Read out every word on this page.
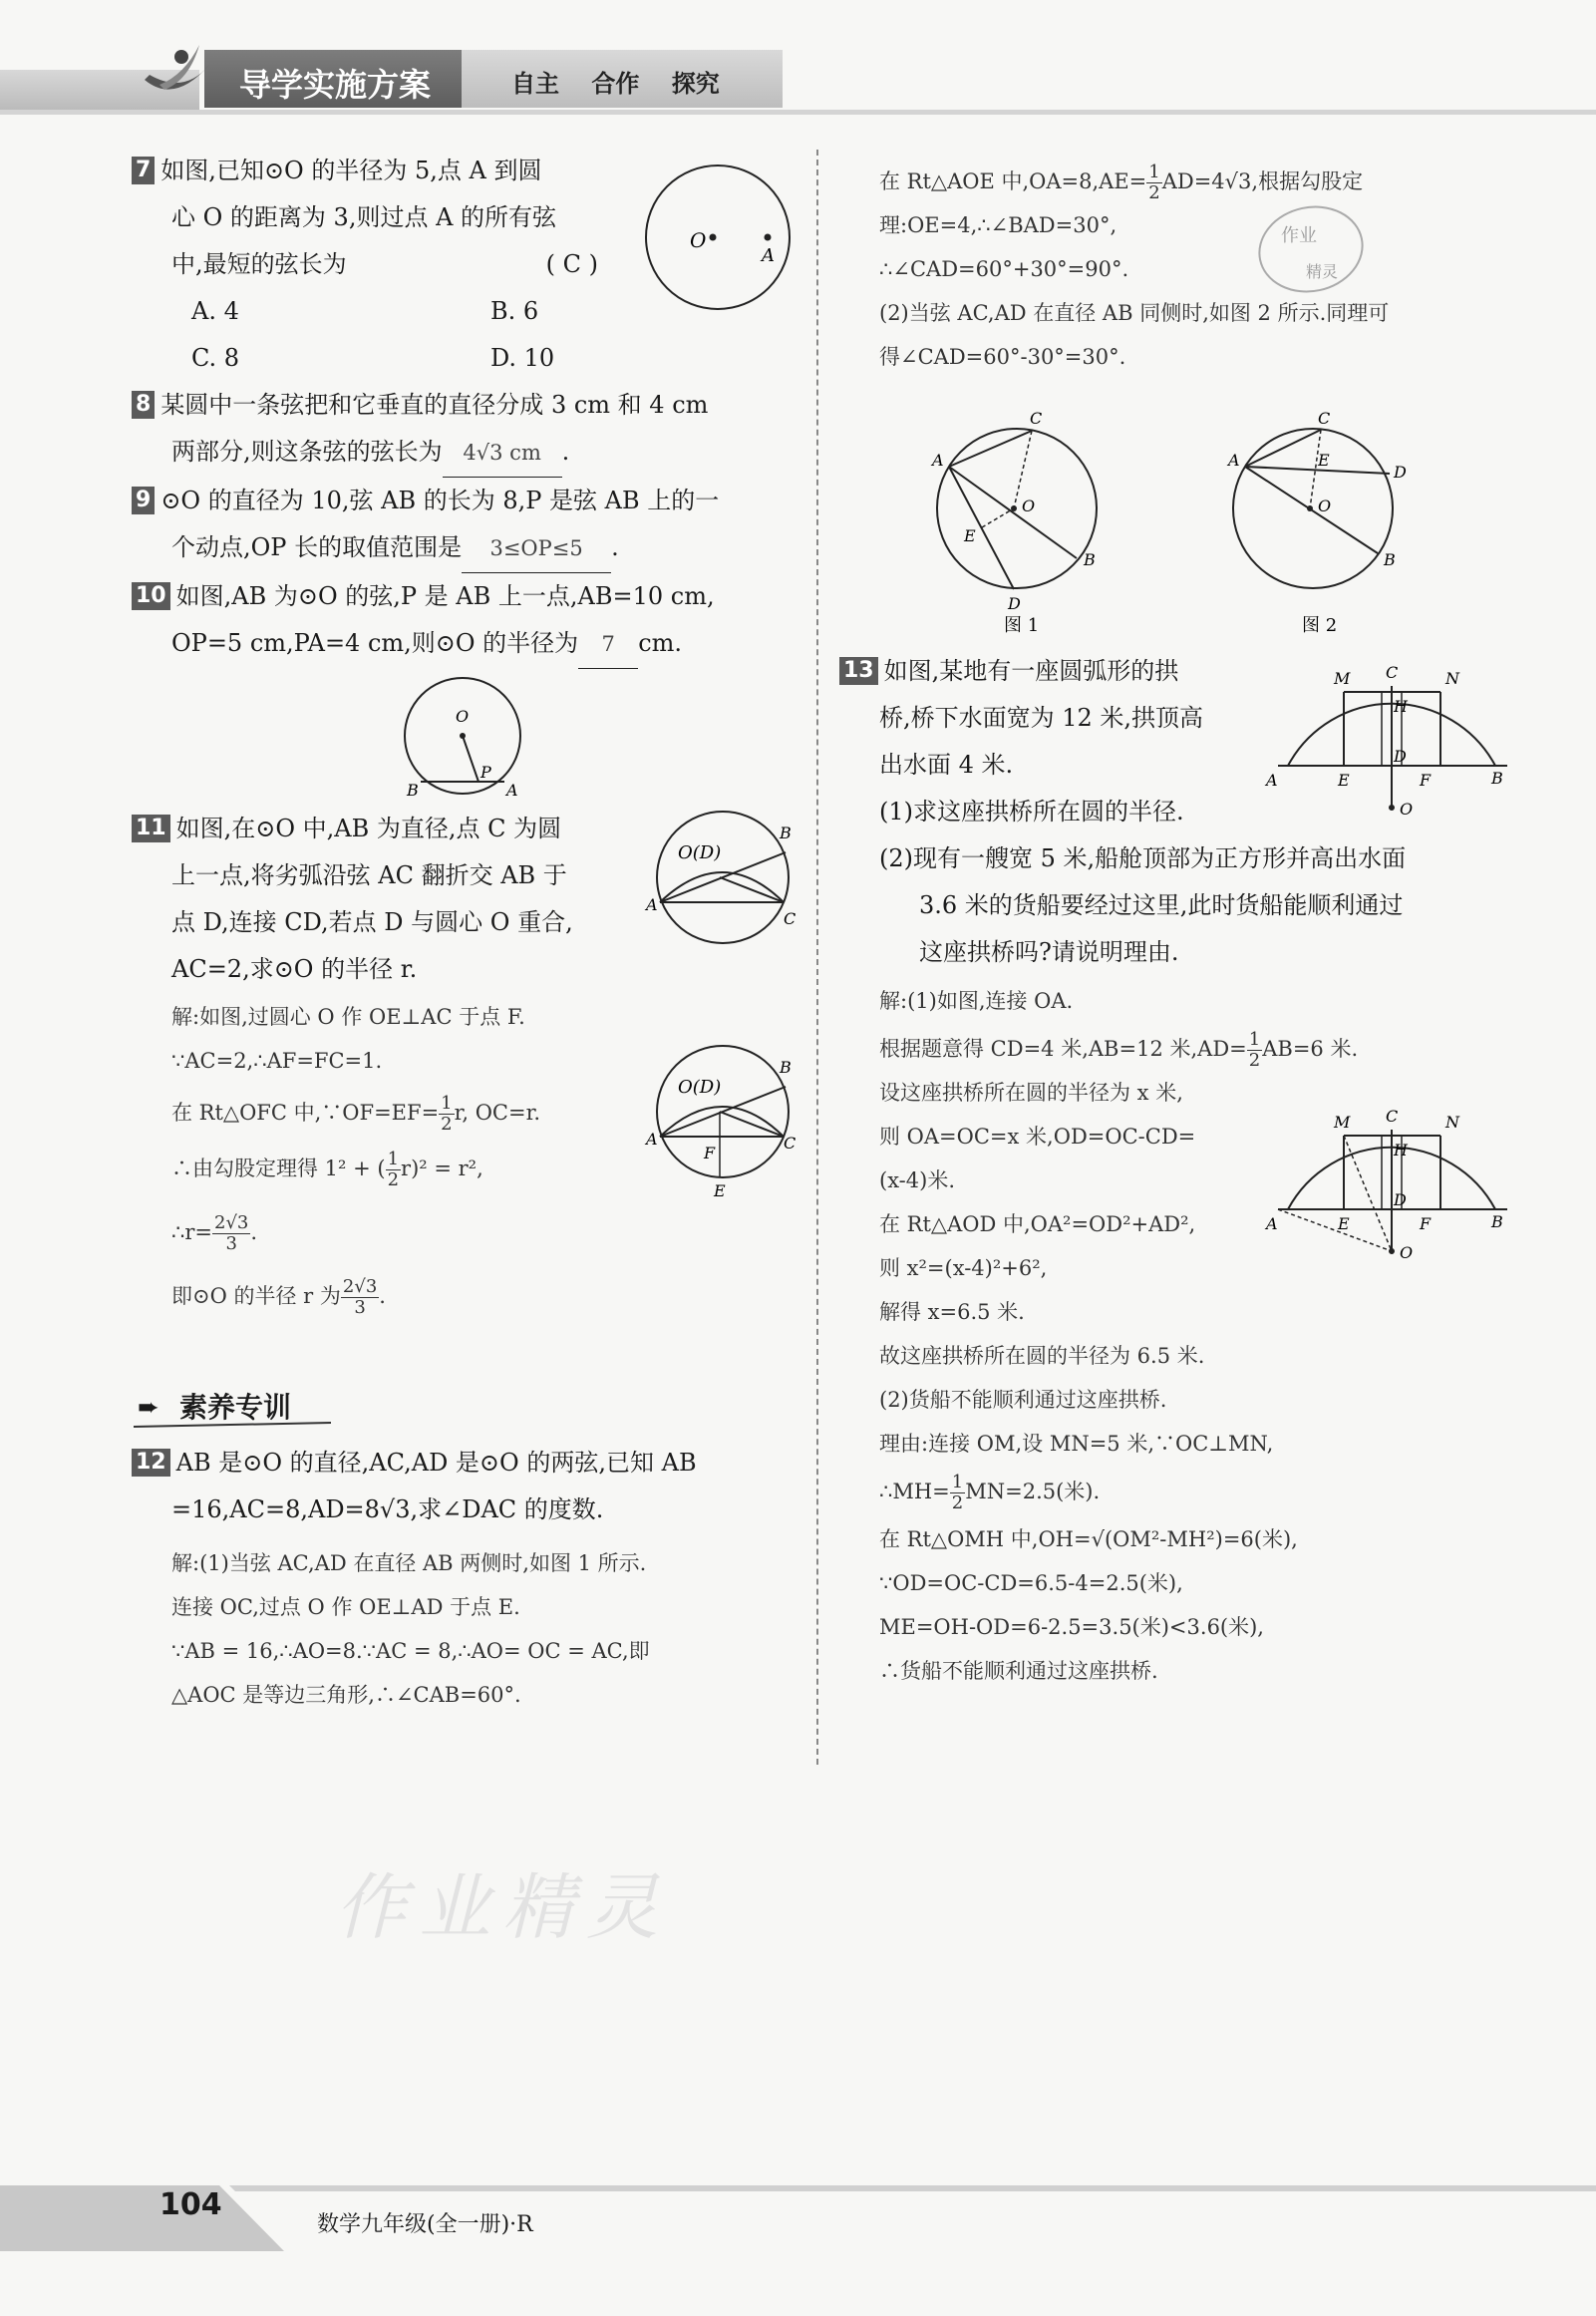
导学实施方案	自主 合作 探究
7 如图,已知⊙O 的半径为 5,点 A 到圆
心 O 的距离为 3,则过点 A 的所有弦
中,最短的弦长为	( C )
A. 4	B. 6
C. 8	D. 10
8 某圆中一条弦把和它垂直的直径分成 3 cm 和 4 cm
两部分,则这条弦的弦长为 4√3 cm .
9 ⊙O 的直径为 10,弦 AB 的长为 8,P 是弦 AB 上的一
个动点,OP 长的取值范围是 3≤OP≤5 .
10 如图,AB 为⊙O 的弦,P 是 AB 上一点,AB=10 cm,
OP=5 cm,PA=4 cm,则⊙O 的半径为 7 cm.
O
A
O
B
P
A
11 如图,在⊙O 中,AB 为直径,点 C 为圆
上一点,将劣弧沿弦 AC 翻折交 AB 于
点 D,连接 CD,若点 D 与圆心 O 重合,
AC=2,求⊙O 的半径 r.
解:如图,过圆心 O 作 OE⊥AC 于点 F.
∵AC=2,∴AF=FC=1.
在 Rt△OFC 中,∵OF=EF= $\frac{1}{2} r$, OC=r.
∴由勾股定理得 1² + ( $\frac{1}{2} r)^2 = r^2$,
∴r= $\frac{2√3}{3}$ .
即⊙O 的半径 r 为 $\frac{2√3}{3}$ .
O(D)
B
A
C
O(D)
B
A	C
F
E
➨ 素养专训
12 AB 是⊙O 的直径,AC,AD 是⊙O 的两弦,已知 AB
=16,AC=8,AD=8√3,求∠DAC 的度数.
解:(1)当弦 AC,AD 在直径 AB 两侧时,如图 1 所示.
连接 OC,过点 O 作 OE⊥AD 于点 E.
∵AB = 16,∴AO=8.∵AC = 8,∴AO= OC = AC,即
△AOC 是等边三角形,∴∠CAB=60°.
在 Rt△AOE 中$,OA=8,AE= \frac{1}{2} AD=4√3$,根据勾股定
理:OE=4,∴∠BAD=30°,
∴∠CAD=60°+30°=90°.
(2)当弦 AC,AD 在直径 AB 同侧时,如图 2 所示.同理可
得∠CAD=60°-30°=30°.
作业
精灵
C
A
O
E
B
D
图 1
C
A	E
D
O
B
图 2
13 如图,某地有一座圆弧形的拱
桥,桥下水面宽为 12 米,拱顶高
出水面 4 米.
(1)求这座拱桥所在圆的半径.
(2)现有一艘宽 5 米,船舱顶部为正方形并高出水面
3.6 米的货船要经过这里,此时货船能顺利通过
这座拱桥吗?请说明理由.
M C	N
H
D
A	E	F	B
O
解:(1)如图,连接 OA.
根据题意得 CD=4 米,AB=12 米$,AD= \frac{1}{2} AB=6$ 米.
设这座拱桥所在圆的半径为 x 米,
则 OA=OC=x 米,OD=OC-CD=
(x-4)米.
在 Rt△AOD 中,OA²=OD²+AD²,
则 x²=(x-4)²+6²,
解得 x=6.5 米.
故这座拱桥所在圆的半径为 6.5 米.
(2)货船不能顺利通过这座拱桥.
理由:连接 OM,设 MN=5 米,∵OC⊥MN,
∴MH= $\frac{1}{2} MN=2.5$(米).
在 Rt△OMH 中,OH=√(OM²-MH²)=6(米),
∵OD=OC-CD=6.5-4=2.5(米),
ME=OH-OD=6-2.5=3.5(米)<3.6(米),
∴货船不能顺利通过这座拱桥.
M C	N
H
D
A	E	F	B
O
作业精灵
104
数学九年级(全一册)·R
